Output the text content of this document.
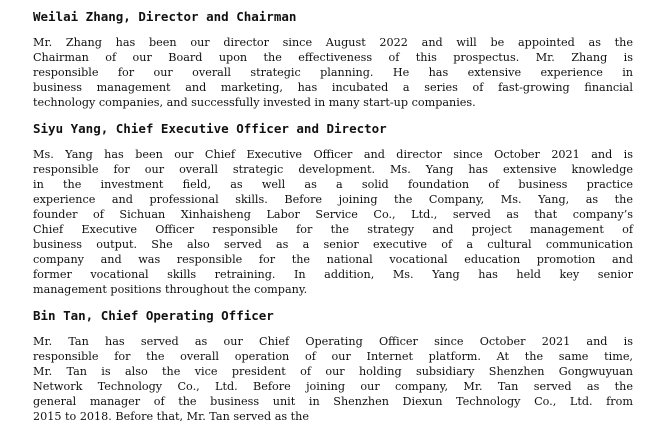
Weilai Zhang, Director and Chairman

Mr. Zhang has been our director since August 2022 and will be appointed as the
Chairman of our Board upon the effectiveness of this prospectus. Mr. Zhang is
responsible for our overall strategic planning. He has extensive experience in
business management and marketing, has incubated a series of fast-growing financial
technology companies, and successfully invested in many start-up companies.

Siyu Yang, Chief Executive Officer and Director

Ms. Yang has been our Chief Executive Officer and director since October 2021 and is
responsible for our overall strategic development. Ms. Yang has extensive knowledge
in the investment field, as well as a solid foundation of business practice
experience and professional skills. Before joining the Company, Ms. Yang, as the
founder of Sichuan Xinhaisheng Labor Service Co., Ltd., served as that company’s
Chief Executive Officer responsible for the strategy and project management of
business output. She also served as a senior executive of a cultural communication
company and was responsible for the national vocational education promotion and
former vocational skills retraining. In addition, Ms. Yang has held key senior
management positions throughout the company.

Bin Tan, Chief Operating Officer

Mr. Tan has served as our Chief Operating Officer since October 2021 and is
responsible for the overall operation of our Internet platform. At the same time,
Mr. Tan is also the vice president of our holding subsidiary Shenzhen Gongwuyuan
Network Technology Co., Ltd. Before joining our company, Mr. Tan served as the
general manager of the business unit in Shenzhen Diexun Technology Co., Ltd. from
2015 to 2018. Before that, Mr. Tan served as the
